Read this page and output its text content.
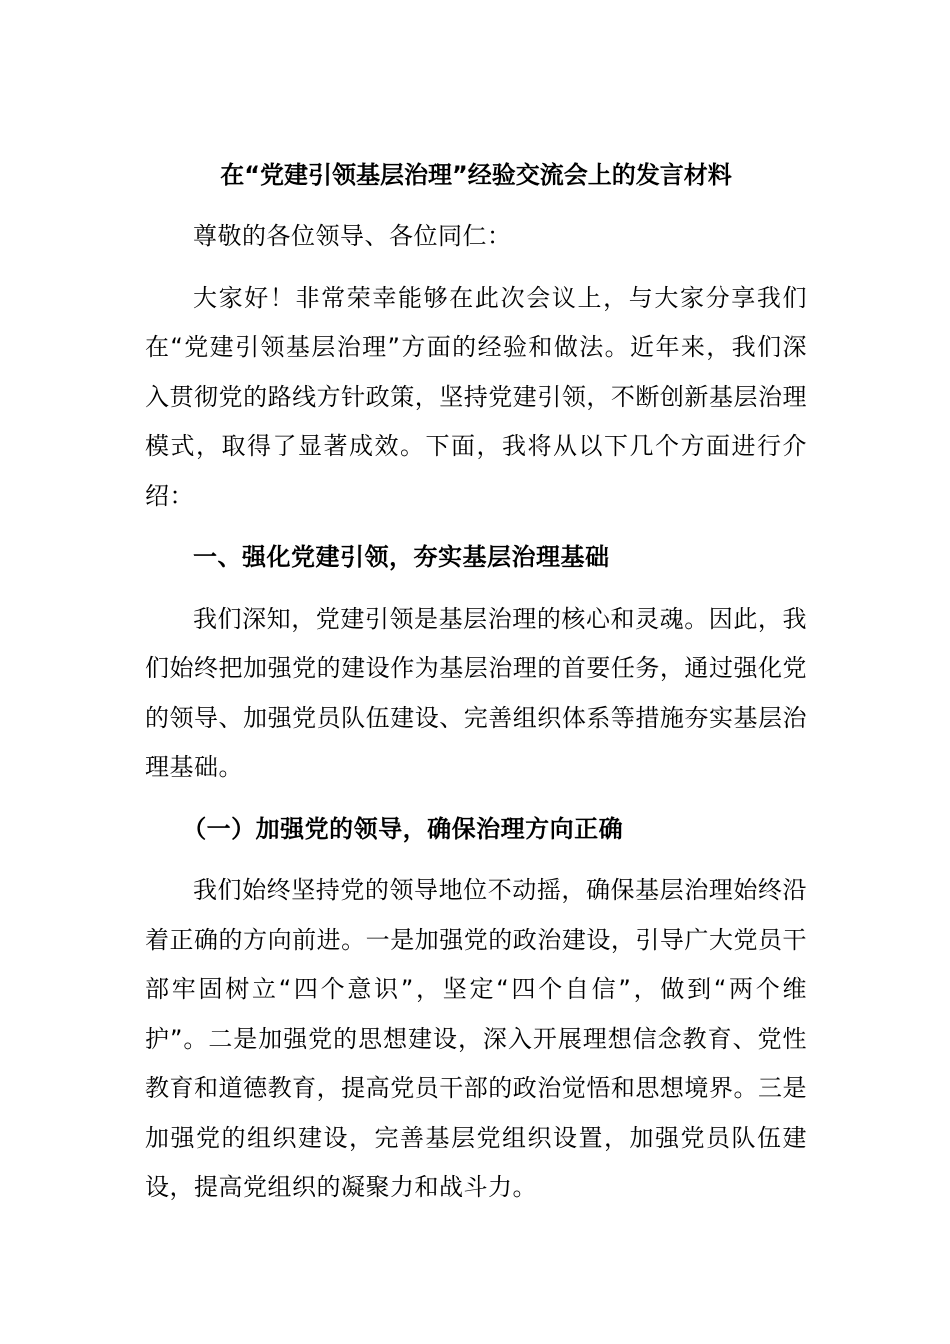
在“党建引领基层治理”经验交流会上的发言材料

尊敬的各位领导、各位同仁：

大家好！非常荣幸能够在此次会议上，与大家分享我们在“党建引领基层治理”方面的经验和做法。近年来，我们深入贯彻党的路线方针政策，坚持党建引领，不断创新基层治理模式，取得了显著成效。下面，我将从以下几个方面进行介绍：

一、强化党建引领，夯实基层治理基础

我们深知，党建引领是基层治理的核心和灵魂。因此，我们始终把加强党的建设作为基层治理的首要任务，通过强化党的领导、加强党员队伍建设、完善组织体系等措施夯实基层治理基础。

（一）加强党的领导，确保治理方向正确

我们始终坚持党的领导地位不动摇，确保基层治理始终沿着正确的方向前进。一是加强党的政治建设，引导广大党员干部牢固树立“四个意识”，坚定“四个自信”，做到“两个维护”。二是加强党的思想建设，深入开展理想信念教育、党性教育和道德教育，提高党员干部的政治觉悟和思想境界。三是加强党的组织建设，完善基层党组织设置，加强党员队伍建设，提高党组织的凝聚力和战斗力。
